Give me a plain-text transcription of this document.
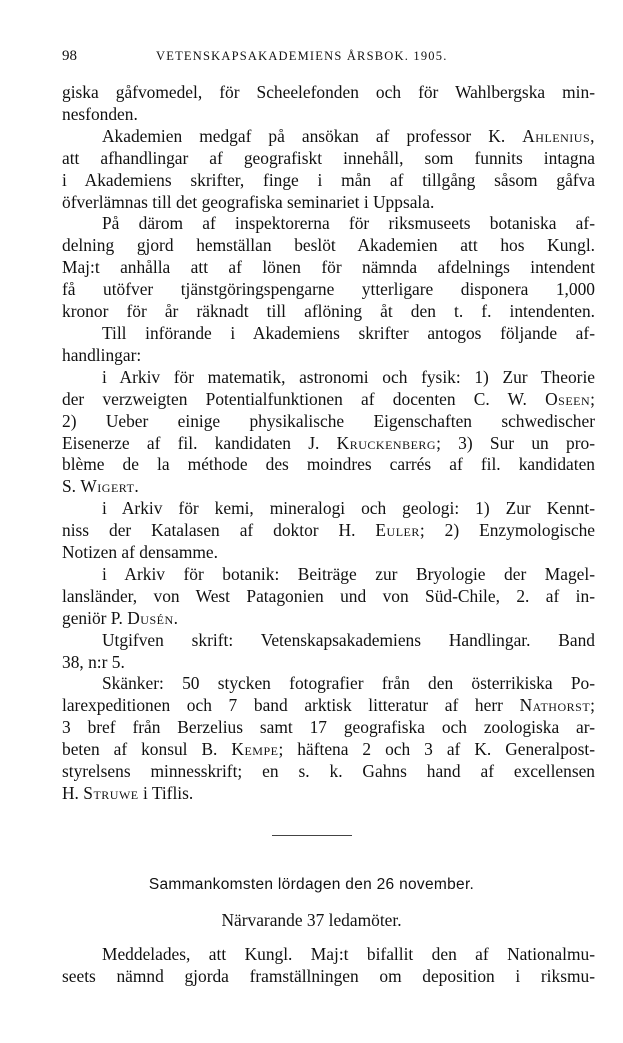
98	VETENSKAPSAKADEMIENS ÅRSBOK. 1905.
giska gåfvomedel, för Scheelefonden och för Wahlbergska min-
nesfonden.
Akademien medgaf på ansökan af professor K. Ahlenius,
att afhandlingar af geografiskt innehåll, som funnits intagna
i Akademiens skrifter, finge i mån af tillgång såsom gåfva
öfverlämnas till det geografiska seminariet i Uppsala.
På därom af inspektorerna för riksmuseets botaniska af-
delning gjord hemställan beslöt Akademien att hos Kungl.
Maj:t anhålla att af lönen för nämnda afdelnings intendent
få utöfver tjänstgöringspengarne ytterligare disponera 1,000
kronor för år räknadt till aflöning åt den t. f. intendenten.
Till införande i Akademiens skrifter antogos följande af-
handlingar:
i Arkiv för matematik, astronomi och fysik: 1) Zur Theorie
der verzweigten Potentialfunktionen af docenten C. W. Oseen;
2) Ueber einige physikalische Eigenschaften schwedischer
Eisenerze af fil. kandidaten J. Kruckenberg; 3) Sur un pro-
blème de la méthode des moindres carrés af fil. kandidaten
S. Wigert.
i Arkiv för kemi, mineralogi och geologi: 1) Zur Kennt-
niss der Katalasen af doktor H. Euler; 2) Enzymologische
Notizen af densamme.
i Arkiv för botanik: Beiträge zur Bryologie der Magel-
lansländer, von West Patagonien und von Süd-Chile, 2. af in-
geniör P. Dusén.
Utgifven skrift: Vetenskapsakademiens Handlingar. Band
38, n:r 5.
Skänker: 50 stycken fotografier från den österrikiska Po-
larexpeditionen och 7 band arktisk litteratur af herr Nathorst;
3 bref från Berzelius samt 17 geografiska och zoologiska ar-
beten af konsul B. Kempe; häftena 2 och 3 af K. Generalpost-
styrelsens minnesskrift; en s. k. Gahns hand af excellensen
H. Struwe i Tiflis.
Sammankomsten lördagen den 26 november.
Närvarande 37 ledamöter.
Meddelades, att Kungl. Maj:t bifallit den af Nationalmu-
seets nämnd gjorda framställningen om deposition i riksmu-
